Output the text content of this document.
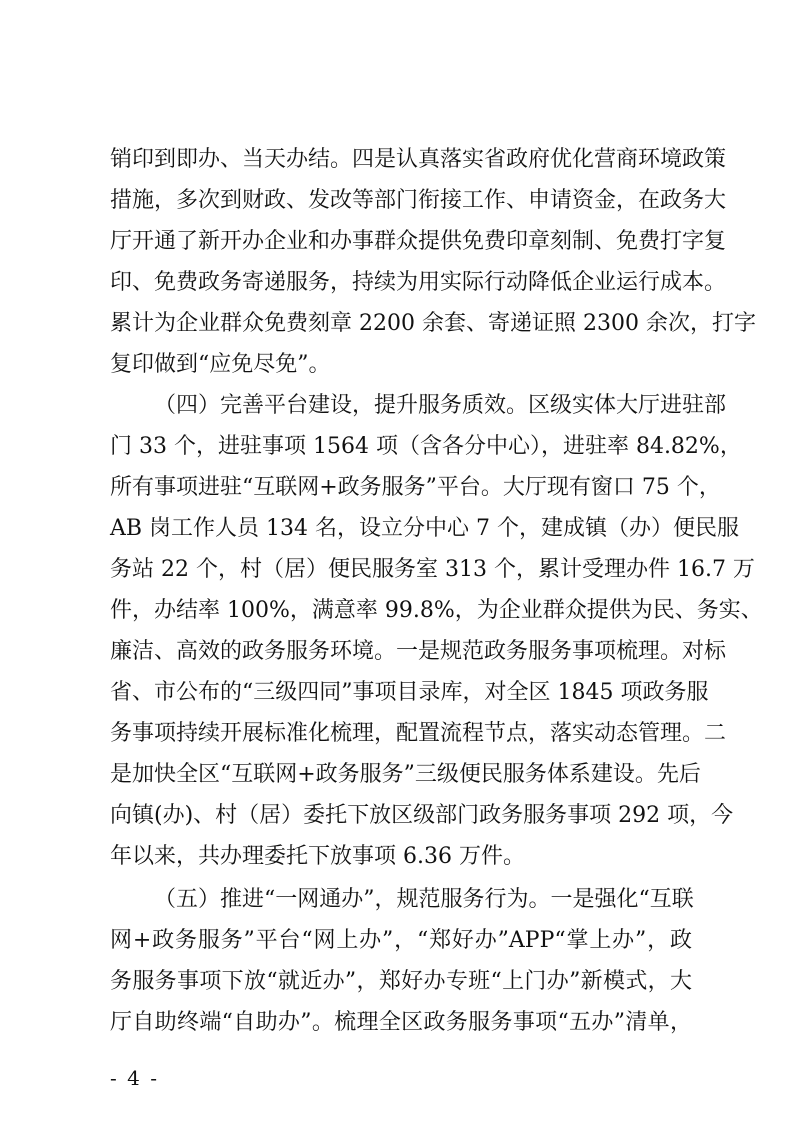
销印到即办、当天办结。四是认真落实省政府优化营商环境政策
措施，多次到财政、发改等部门衔接工作、申请资金，在政务大
厅开通了新开办企业和办事群众提供免费印章刻制、免费打字复
印、免费政务寄递服务，持续为用实际行动降低企业运行成本。
累计为企业群众免费刻章 2200 余套、寄递证照 2300 余次，打字
复印做到“应免尽免”。
（四）完善平台建设，提升服务质效。区级实体大厅进驻部
门 33 个，进驻事项 1564 项（含各分中心），进驻率 84.82%，
所有事项进驻“互联网+政务服务”平台。大厅现有窗口 75 个，
AB 岗工作人员 134 名，设立分中心 7 个，建成镇（办）便民服
务站 22 个，村（居）便民服务室 313 个，累计受理办件 16.7 万
件，办结率 100%，满意率 99.8%，为企业群众提供为民、务实、
廉洁、高效的政务服务环境。一是规范政务服务事项梳理。对标
省、市公布的“三级四同”事项目录库，对全区 1845 项政务服
务事项持续开展标准化梳理，配置流程节点，落实动态管理。二
是加快全区“互联网+政务服务”三级便民服务体系建设。先后
向镇(办)、村（居）委托下放区级部门政务服务事项 292 项，今
年以来，共办理委托下放事项 6.36 万件。
（五）推进“一网通办”，规范服务行为。一是强化“互联
网+政务服务”平台“网上办”，“郑好办”APP“掌上办”，政
务服务事项下放“就近办”，郑好办专班“上门办”新模式，大
厅自助终端“自助办”。梳理全区政务服务事项“五办”清单，
- 4 -
